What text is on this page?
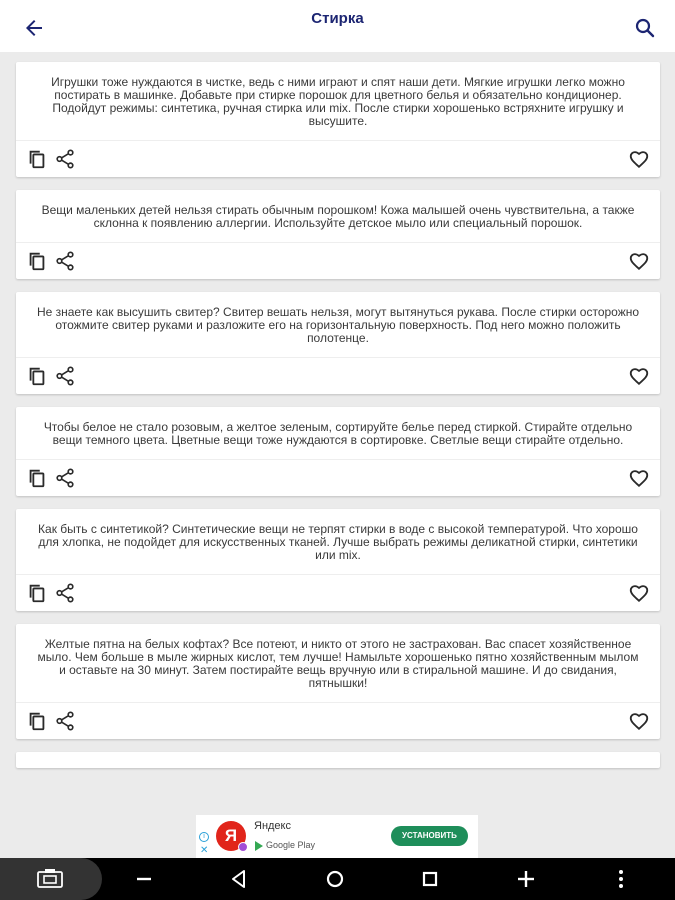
Стирка
Игрушки тоже нуждаются в чистке, ведь с ними играют и спят наши дети. Мягкие игрушки легко можно постирать в машинке. Добавьте при стирке порошок для цветного белья и обязательно кондиционер. Подойдут режимы: синтетика, ручная стирка или mix. После стирки хорошенько встряхните игрушку и высушите.
Вещи маленьких детей нельзя стирать обычным порошком! Кожа малышей очень чувствительна, а также склонна к появлению аллергии. Используйте детское мыло или специальный порошок.
Не знаете как высушить свитер? Свитер вешать нельзя, могут вытянуться рукава. После стирки осторожно отожмите свитер руками и разложите его на горизонтальную поверхность. Под него можно положить полотенце.
Чтобы белое не стало розовым, а желтое зеленым, сортируйте белье перед стиркой. Стирайте отдельно вещи темного цвета. Цветные вещи тоже нуждаются в сортировке. Светлые вещи стирайте отдельно.
Как быть с синтетикой? Синтетические вещи не терпят стирки в воде с высокой температурой. Что хорошо для хлопка, не подойдет для искусственных тканей. Лучше выбрать режимы деликатной стирки, синтетики или mix.
Желтые пятна на белых кофтах? Все потеют, и никто от этого не застрахован. Вас спасет хозяйственное мыло. Чем больше в мыле жирных кислот, тем лучше! Намыльте хорошенько пятно хозяйственным мылом и оставьте на 30 минут. Затем постирайте вещь вручную или в стиральной машине. И до свидания, пятнышки!
i
✕
Я	Яндекс
Google Play
УСТАНОВИТЬ
